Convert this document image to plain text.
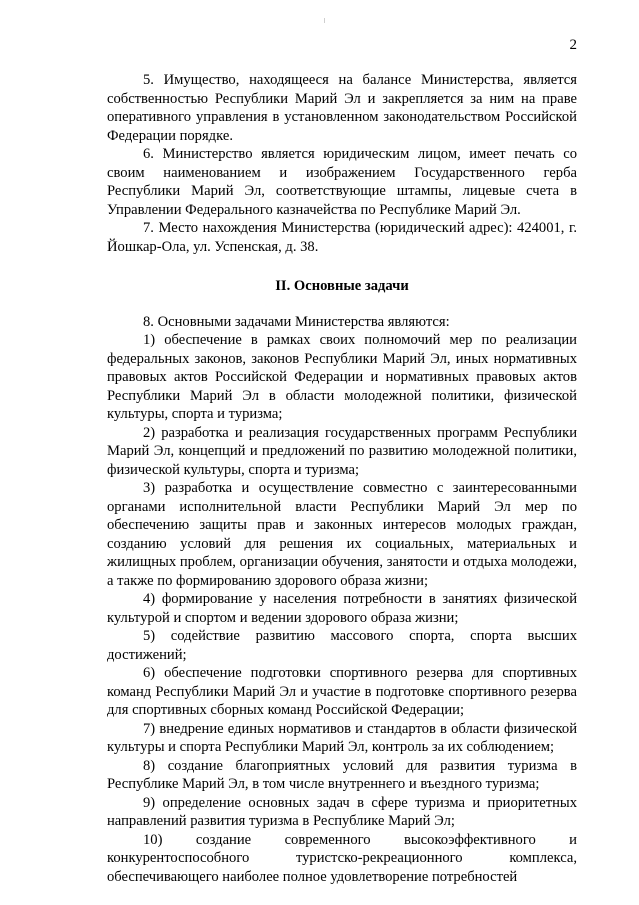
2

5. Имущество, находящееся на балансе Министерства, является собственностью Республики Марий Эл и закрепляется за ним на праве оперативного управления в установленном законодательством Российской Федерации порядке.

6. Министерство является юридическим лицом, имеет печать со своим наименованием и изображением Государственного герба Республики Марий Эл, соответствующие штампы, лицевые счета в Управлении Федерального казначейства по Республике Марий Эл.

7. Место нахождения Министерства (юридический адрес): 424001, г. Йошкар-Ола, ул. Успенская, д. 38.

II. Основные задачи

8. Основными задачами Министерства являются:

1) обеспечение в рамках своих полномочий мер по реализации федеральных законов, законов Республики Марий Эл, иных нормативных правовых актов Российской Федерации и нормативных правовых актов Республики Марий Эл в области молодежной политики, физической культуры, спорта и туризма;

2) разработка и реализация государственных программ Республики Марий Эл, концепций и предложений по развитию молодежной политики, физической культуры, спорта и туризма;

3) разработка и осуществление совместно с заинтересованными органами исполнительной власти Республики Марий Эл мер по обеспечению защиты прав и законных интересов молодых граждан, созданию условий для решения их социальных, материальных и жилищных проблем, организации обучения, занятости и отдыха молодежи, а также по формированию здорового образа жизни;

4) формирование у населения потребности в занятиях физической культурой и спортом и ведении здорового образа жизни;

5) содействие развитию массового спорта, спорта высших достижений;

6) обеспечение подготовки спортивного резерва для спортивных команд Республики Марий Эл и участие в подготовке спортивного резерва для спортивных сборных команд Российской Федерации;

7) внедрение единых нормативов и стандартов в области физической культуры и спорта Республики Марий Эл, контроль за их соблюдением;

8) создание благоприятных условий для развития туризма в Республике Марий Эл, в том числе внутреннего и въездного туризма;

9) определение основных задач в сфере туризма и приоритетных направлений развития туризма в Республике Марий Эл;

10) создание современного высокоэффективного и конкурентоспособного туристско-рекреационного комплекса, обеспечивающего наиболее полное удовлетворение потребностей
